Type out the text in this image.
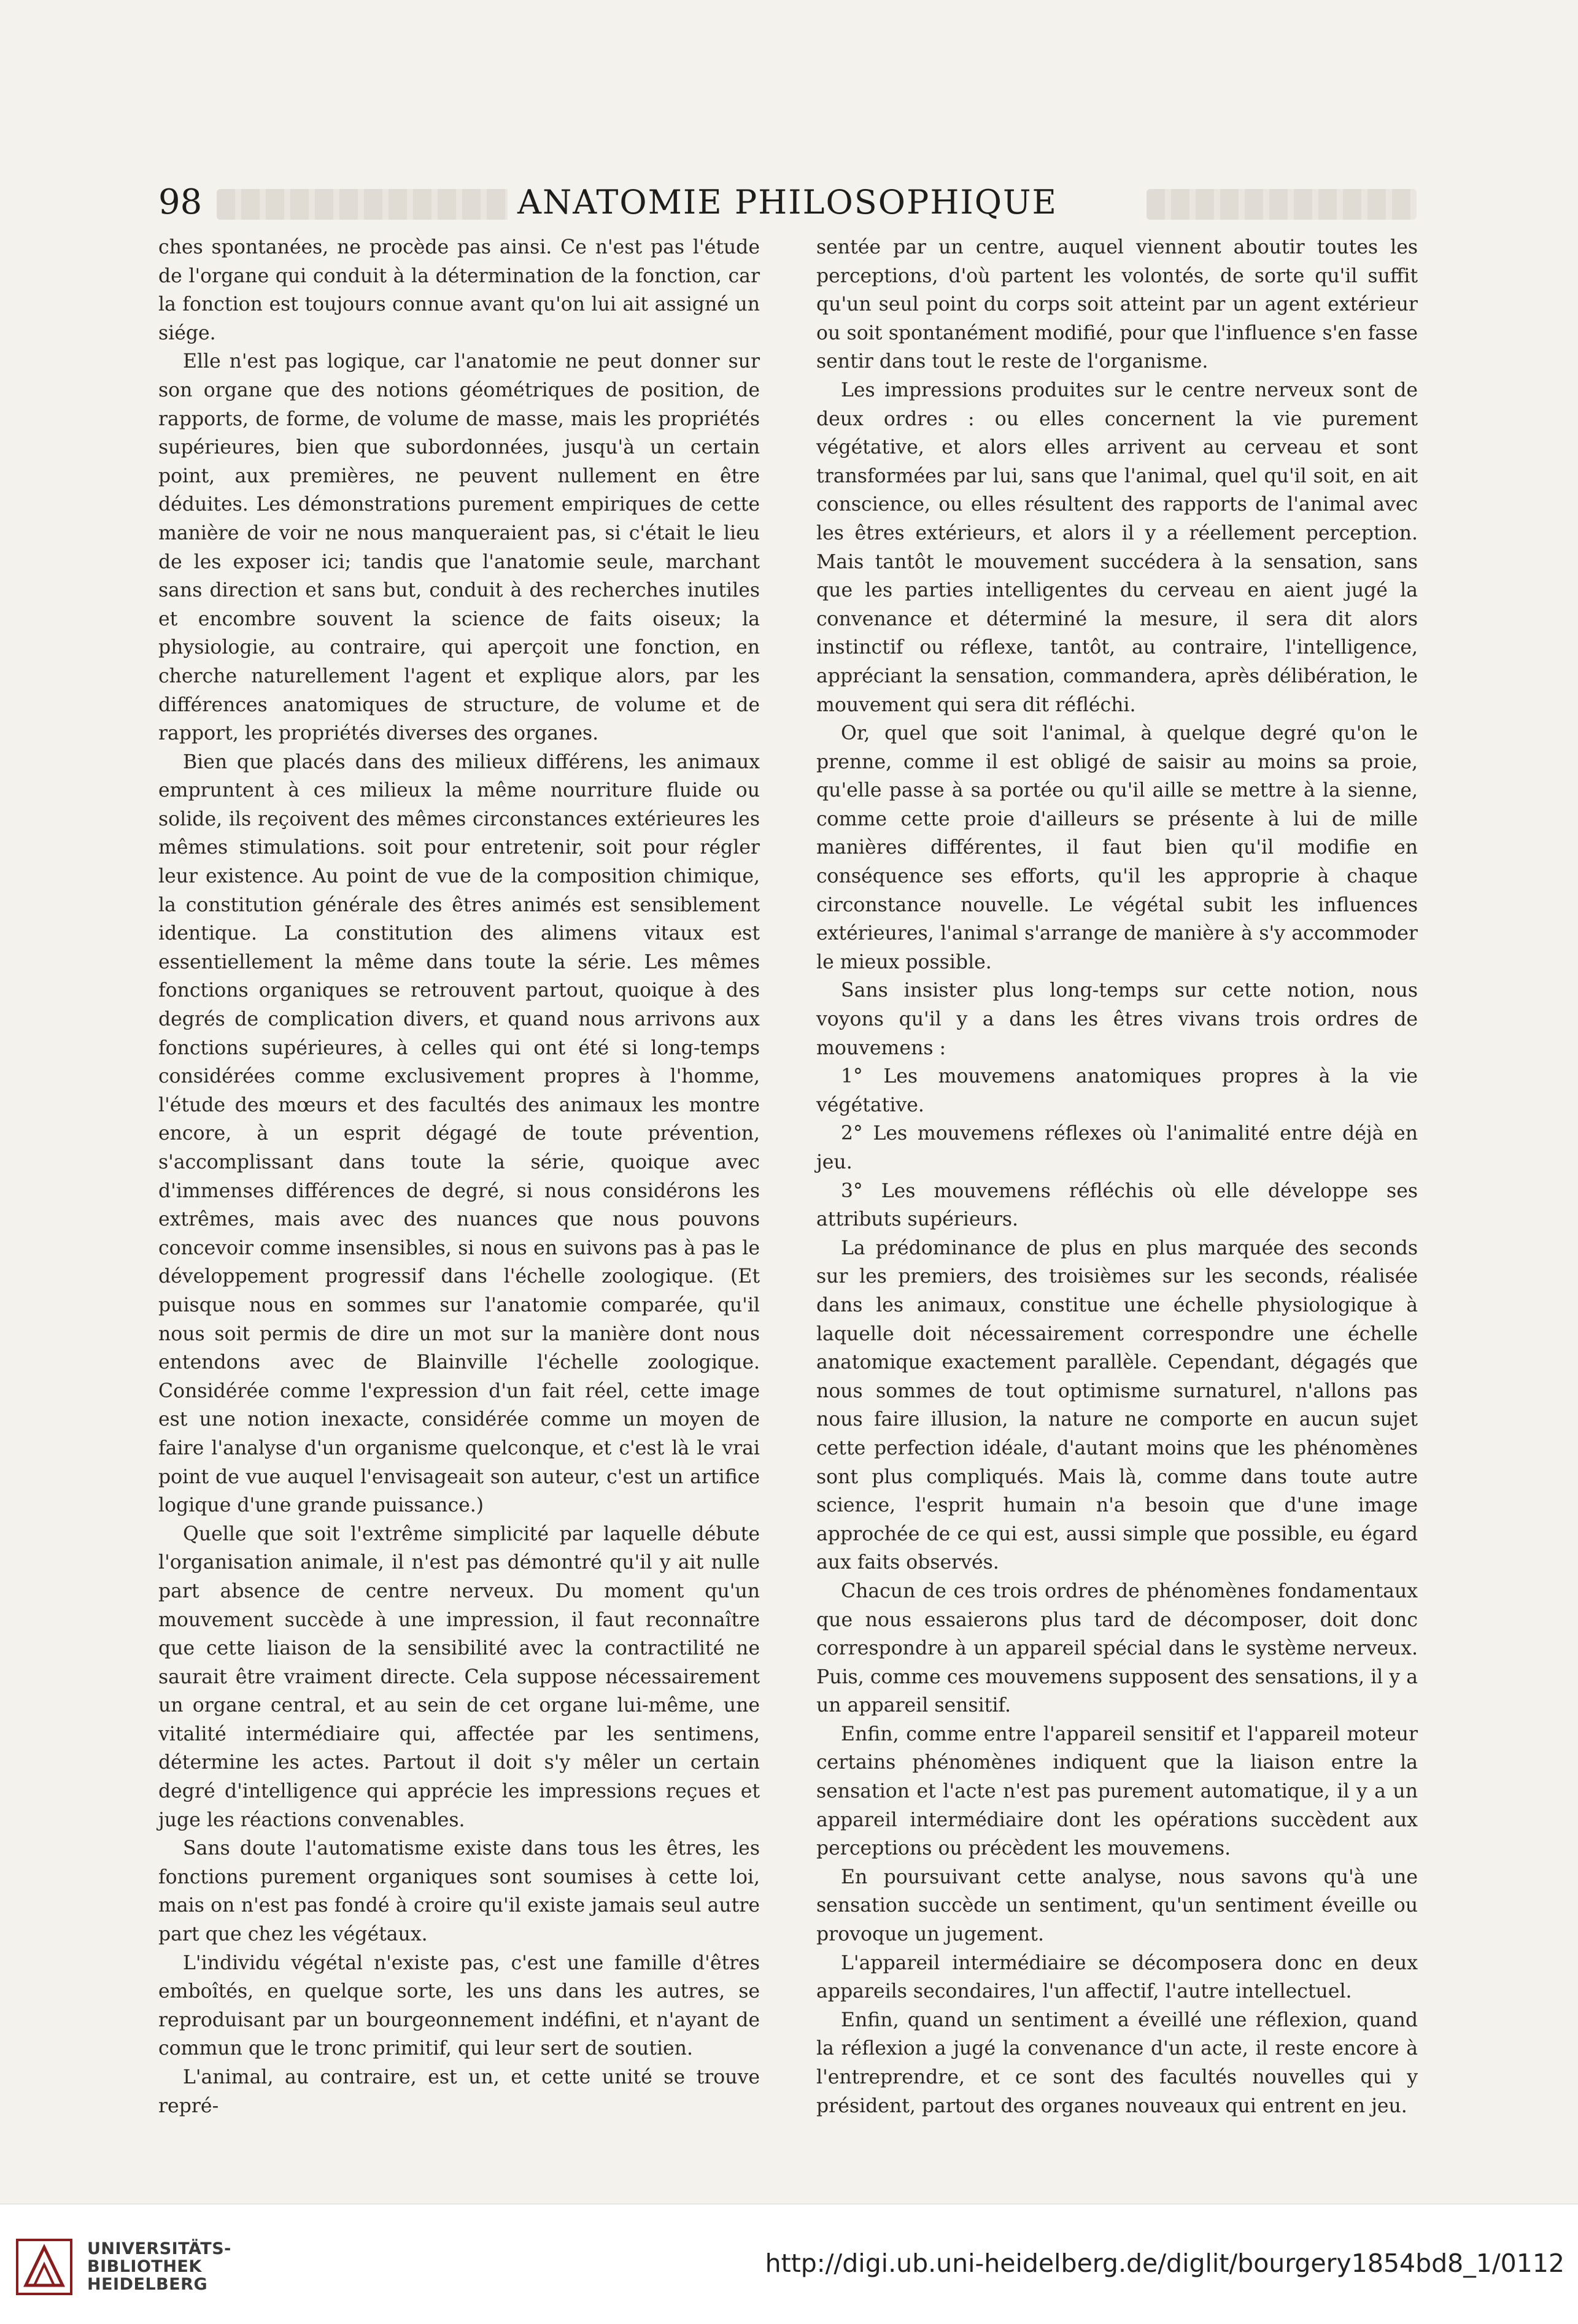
98	ANATOMIE PHILOSOPHIQUE

ches spontanées, ne procède pas ainsi. Ce n'est pas l'étude de l'organe qui conduit à la détermination de la fonction, car la fonction est toujours connue avant qu'on lui ait assigné un siége.

Elle n'est pas logique, car l'anatomie ne peut donner sur son organe que des notions géométriques de position, de rapports, de forme, de volume de masse, mais les propriétés supérieures, bien que subordonnées, jusqu'à un certain point, aux premières, ne peuvent nullement en être déduites. Les démonstrations purement empiriques de cette manière de voir ne nous manqueraient pas, si c'était le lieu de les exposer ici; tandis que l'anatomie seule, marchant sans direction et sans but, conduit à des recherches inutiles et encombre souvent la science de faits oiseux; la physiologie, au contraire, qui aperçoit une fonction, en cherche naturellement l'agent et explique alors, par les différences anatomiques de structure, de volume et de rapport, les propriétés diverses des organes.

Bien que placés dans des milieux différens, les animaux empruntent à ces milieux la même nourriture fluide ou solide, ils reçoivent des mêmes circonstances extérieures les mêmes stimulations. soit pour entretenir, soit pour régler leur existence. Au point de vue de la composition chimique, la constitution générale des êtres animés est sensiblement identique. La constitution des alimens vitaux est essentiellement la même dans toute la série. Les mêmes fonctions organiques se retrouvent partout, quoique à des degrés de complication divers, et quand nous arrivons aux fonctions supérieures, à celles qui ont été si long-temps considérées comme exclusivement propres à l'homme, l'étude des mœurs et des facultés des animaux les montre encore, à un esprit dégagé de toute prévention, s'accomplissant dans toute la série, quoique avec d'immenses différences de degré, si nous considérons les extrêmes, mais avec des nuances que nous pouvons concevoir comme insensibles, si nous en suivons pas à pas le développement progressif dans l'échelle zoologique. (Et puisque nous en sommes sur l'anatomie comparée, qu'il nous soit permis de dire un mot sur la manière dont nous entendons avec de Blainville l'échelle zoologique. Considérée comme l'expression d'un fait réel, cette image est une notion inexacte, considérée comme un moyen de faire l'analyse d'un organisme quelconque, et c'est là le vrai point de vue auquel l'envisageait son auteur, c'est un artifice logique d'une grande puissance.)

Quelle que soit l'extrême simplicité par laquelle débute l'organisation animale, il n'est pas démontré qu'il y ait nulle part absence de centre nerveux. Du moment qu'un mouvement succède à une impression, il faut reconnaître que cette liaison de la sensibilité avec la contractilité ne saurait être vraiment directe. Cela suppose nécessairement un organe central, et au sein de cet organe lui-même, une vitalité intermédiaire qui, affectée par les sentimens, détermine les actes. Partout il doit s'y mêler un certain degré d'intelligence qui apprécie les impressions reçues et juge les réactions convenables.

Sans doute l'automatisme existe dans tous les êtres, les fonctions purement organiques sont soumises à cette loi, mais on n'est pas fondé à croire qu'il existe jamais seul autre part que chez les végétaux.

L'individu végétal n'existe pas, c'est une famille d'êtres emboîtés, en quelque sorte, les uns dans les autres, se reproduisant par un bourgeonnement indéfini, et n'ayant de commun que le tronc primitif, qui leur sert de soutien.

L'animal, au contraire, est un, et cette unité se trouve repré-

sentée par un centre, auquel viennent aboutir toutes les perceptions, d'où partent les volontés, de sorte qu'il suffit qu'un seul point du corps soit atteint par un agent extérieur ou soit spontanément modifié, pour que l'influence s'en fasse sentir dans tout le reste de l'organisme.

Les impressions produites sur le centre nerveux sont de deux ordres : ou elles concernent la vie purement végétative, et alors elles arrivent au cerveau et sont transformées par lui, sans que l'animal, quel qu'il soit, en ait conscience, ou elles résultent des rapports de l'animal avec les êtres extérieurs, et alors il y a réellement perception. Mais tantôt le mouvement succédera à la sensation, sans que les parties intelligentes du cerveau en aient jugé la convenance et déterminé la mesure, il sera dit alors instinctif ou réflexe, tantôt, au contraire, l'intelligence, appréciant la sensation, commandera, après délibération, le mouvement qui sera dit réfléchi.

Or, quel que soit l'animal, à quelque degré qu'on le prenne, comme il est obligé de saisir au moins sa proie, qu'elle passe à sa portée ou qu'il aille se mettre à la sienne, comme cette proie d'ailleurs se présente à lui de mille manières différentes, il faut bien qu'il modifie en conséquence ses efforts, qu'il les approprie à chaque circonstance nouvelle. Le végétal subit les influences extérieures, l'animal s'arrange de manière à s'y accommoder le mieux possible.

Sans insister plus long-temps sur cette notion, nous voyons qu'il y a dans les êtres vivans trois ordres de mouvemens :

1° Les mouvemens anatomiques propres à la vie végétative.

2° Les mouvemens réflexes où l'animalité entre déjà en jeu.

3° Les mouvemens réfléchis où elle développe ses attributs supérieurs.

La prédominance de plus en plus marquée des seconds sur les premiers, des troisièmes sur les seconds, réalisée dans les animaux, constitue une échelle physiologique à laquelle doit nécessairement correspondre une échelle anatomique exactement parallèle. Cependant, dégagés que nous sommes de tout optimisme surnaturel, n'allons pas nous faire illusion, la nature ne comporte en aucun sujet cette perfection idéale, d'autant moins que les phénomènes sont plus compliqués. Mais là, comme dans toute autre science, l'esprit humain n'a besoin que d'une image approchée de ce qui est, aussi simple que possible, eu égard aux faits observés.

Chacun de ces trois ordres de phénomènes fondamentaux que nous essaierons plus tard de décomposer, doit donc correspondre à un appareil spécial dans le système nerveux. Puis, comme ces mouvemens supposent des sensations, il y a un appareil sensitif.

Enfin, comme entre l'appareil sensitif et l'appareil moteur certains phénomènes indiquent que la liaison entre la sensation et l'acte n'est pas purement automatique, il y a un appareil intermédiaire dont les opérations succèdent aux perceptions ou précèdent les mouvemens.

En poursuivant cette analyse, nous savons qu'à une sensation succède un sentiment, qu'un sentiment éveille ou provoque un jugement.

L'appareil intermédiaire se décomposera donc en deux appareils secondaires, l'un affectif, l'autre intellectuel.

Enfin, quand un sentiment a éveillé une réflexion, quand la réflexion a jugé la convenance d'un acte, il reste encore à l'entreprendre, et ce sont des facultés nouvelles qui y président, partout des organes nouveaux qui entrent en jeu.

UNIVERSITÄTS-
BIBLIOTHEK
HEIDELBERG
http://digi.ub.uni-heidelberg.de/diglit/bourgery1854bd8_1/0112
